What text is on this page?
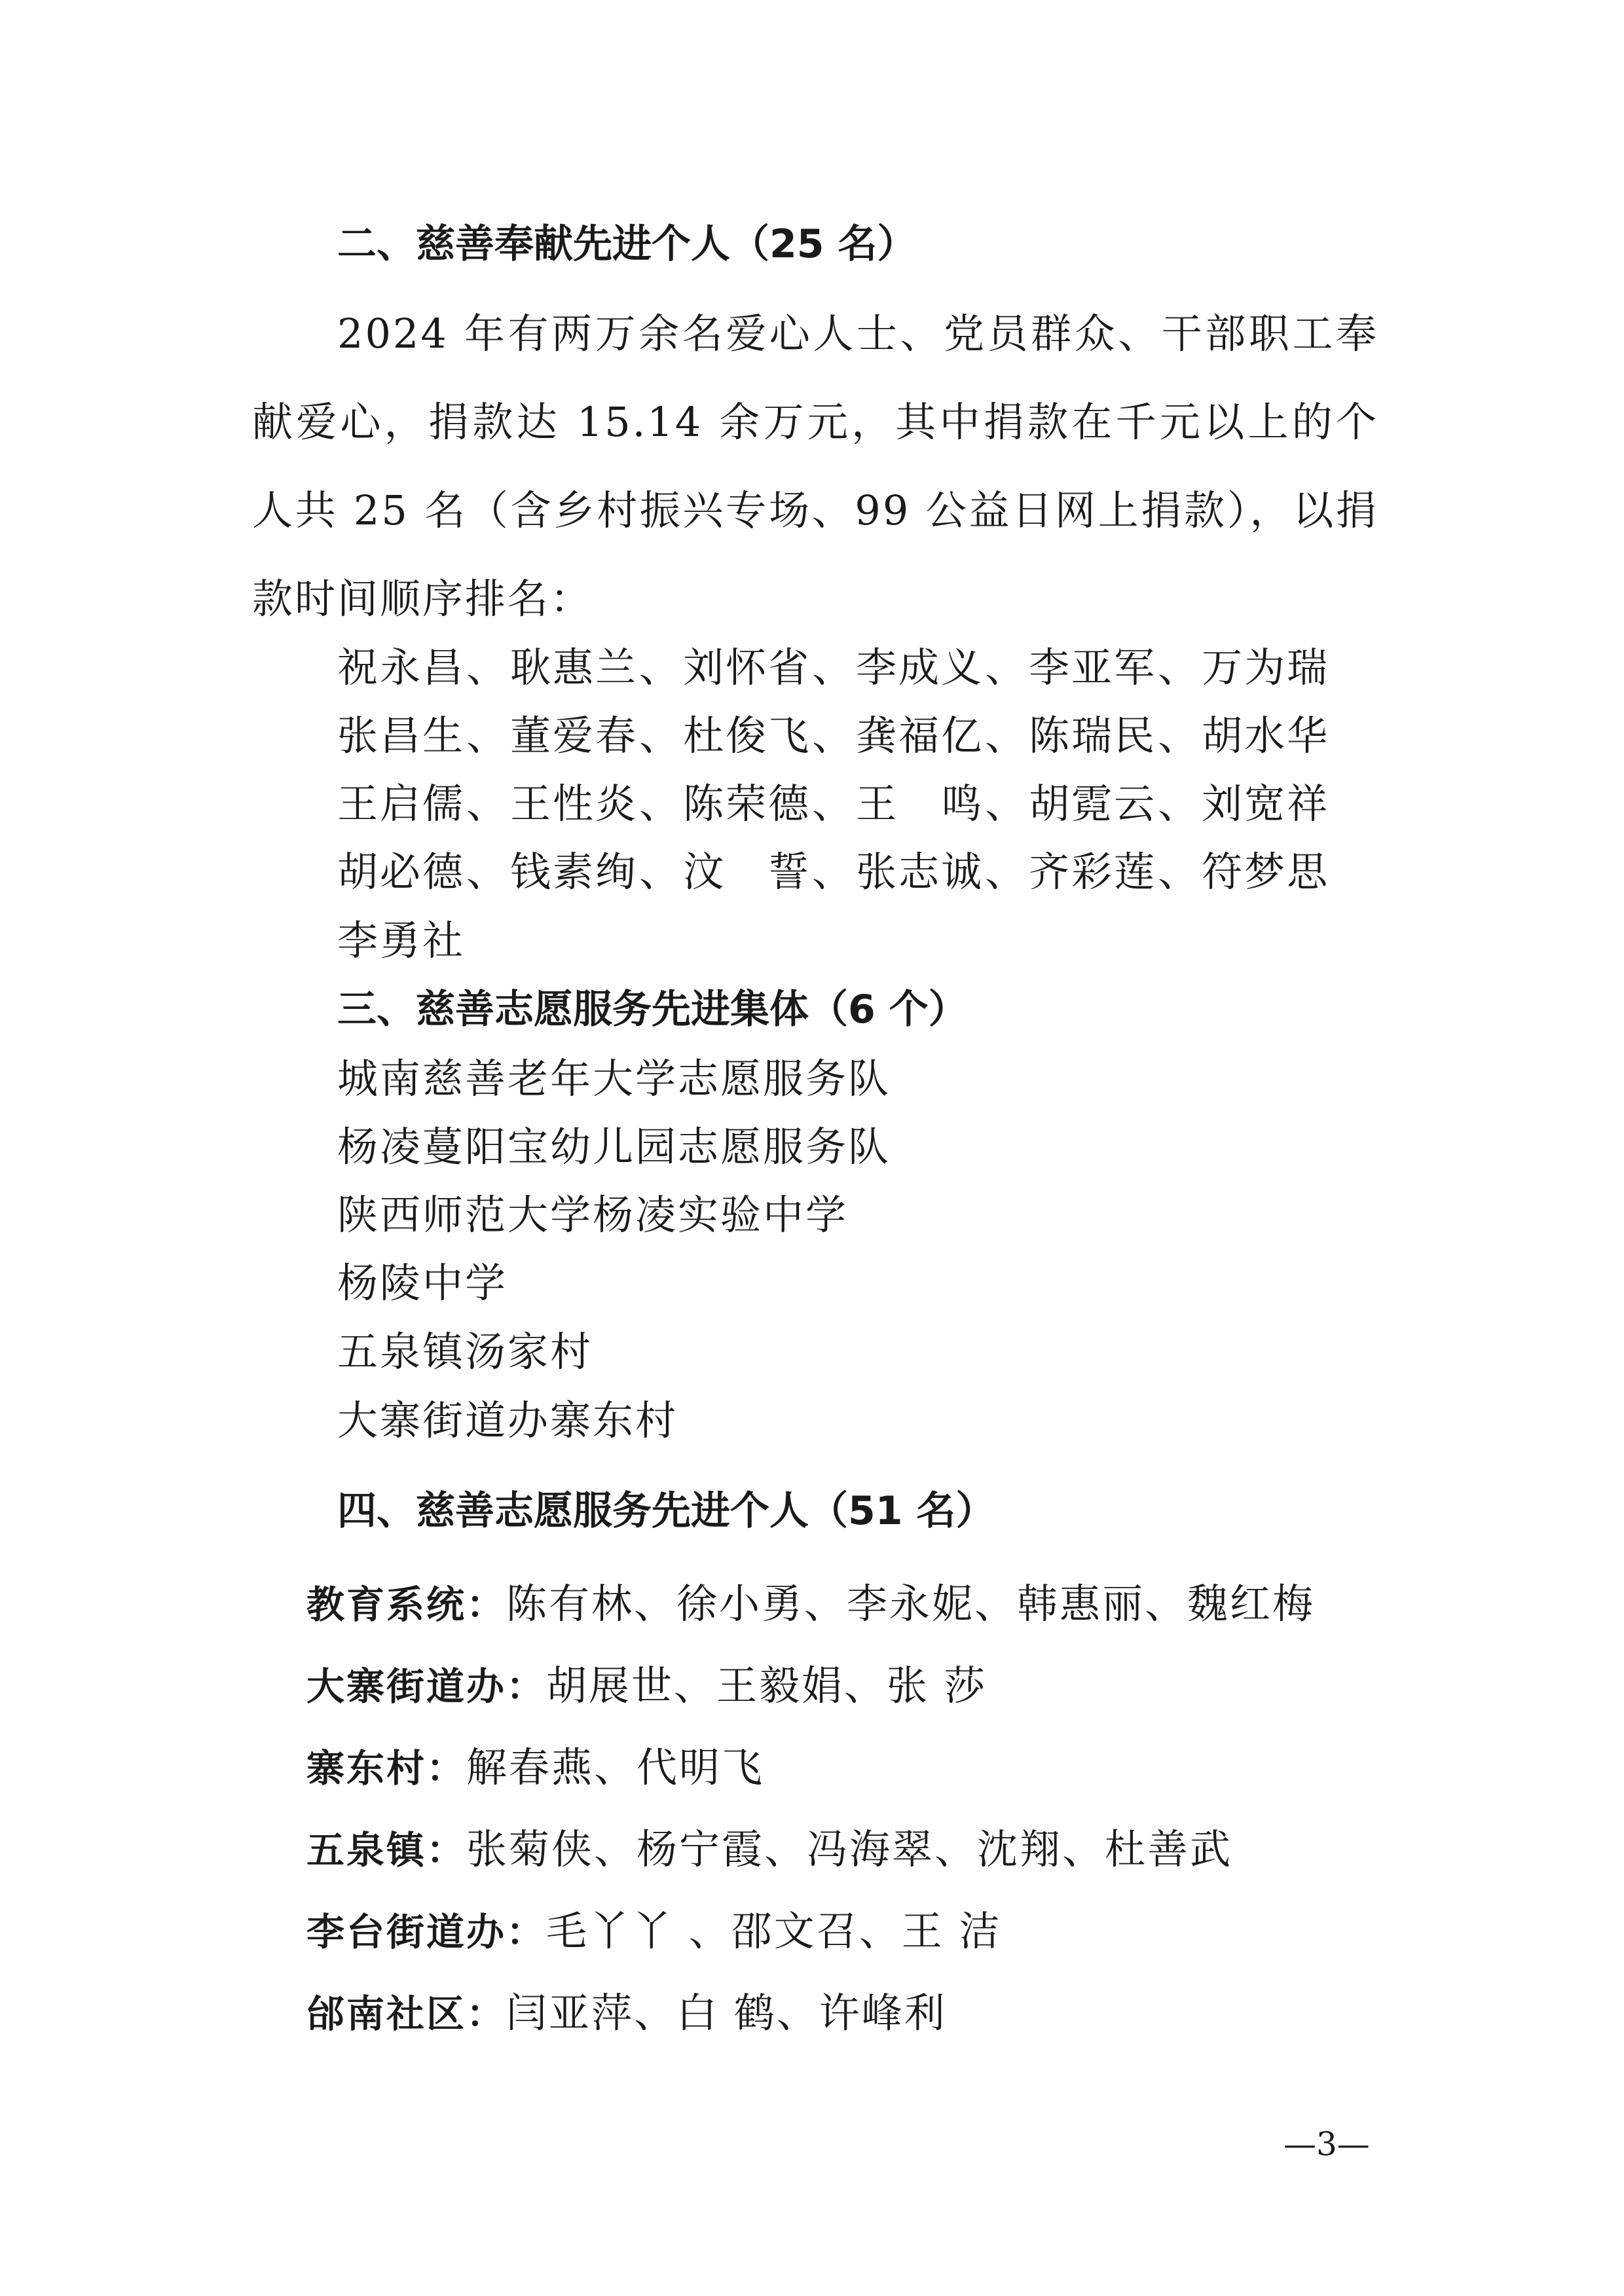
二、慈善奉献先进个人（25 名）
2024 年有两万余名爱心人士、党员群众、干部职工奉献爱心，捐款达 15.14 余万元，其中捐款在千元以上的个人共 25 名（含乡村振兴专场、99 公益日网上捐款），以捐款时间顺序排名：
祝永昌、耿惠兰、刘怀省、李成义、李亚军、万为瑞
张昌生、董爱春、杜俊飞、龚福亿、陈瑞民、胡水华
王启儒、王性炎、陈荣德、王　鸣、胡霓云、刘宽祥
胡必德、钱素绚、汶　誓、张志诚、齐彩莲、符梦思
李勇社
三、慈善志愿服务先进集体（6 个）
城南慈善老年大学志愿服务队
杨凌蔓阳宝幼儿园志愿服务队
陕西师范大学杨凌实验中学
杨陵中学
五泉镇汤家村
大寨街道办寨东村
四、慈善志愿服务先进个人（51 名）
教育系统：陈有林、徐小勇、李永妮、韩惠丽、魏红梅
大寨街道办：胡展世、王毅娟、张 莎
寨东村：解春燕、代明飞
五泉镇：张菊侠、杨宁霞、冯海翠、沈翔、杜善武
李台街道办：毛丫丫 、邵文召、王 洁
邰南社区：闫亚萍、白 鹤、许峰利
—3—
